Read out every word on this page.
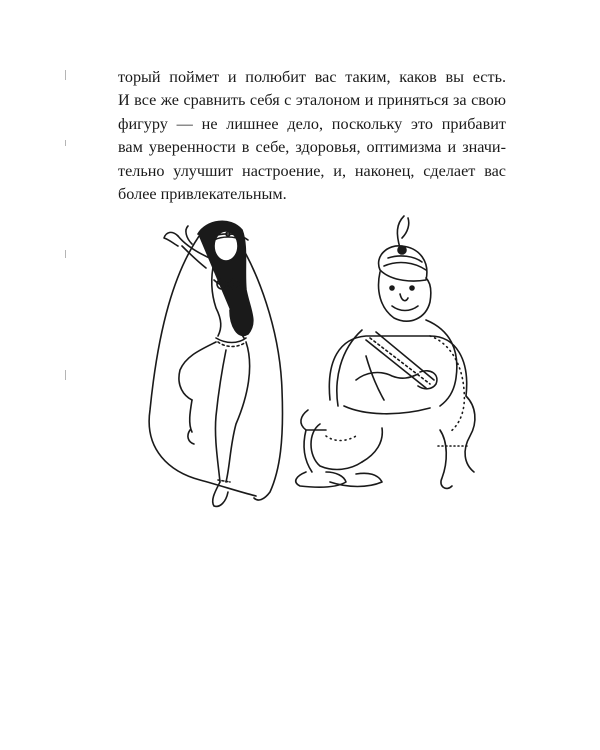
торый поймет и полюбит вас таким, каков вы есть.
И все же сравнить себя с эталоном и приняться за свою
фигуру — не лишнее дело, поскольку это прибавит
вам уверенности в себе, здоровья, оптимизма и значи-
тельно улучшит настроение, и, наконец, сделает вас
более привлекательным.
